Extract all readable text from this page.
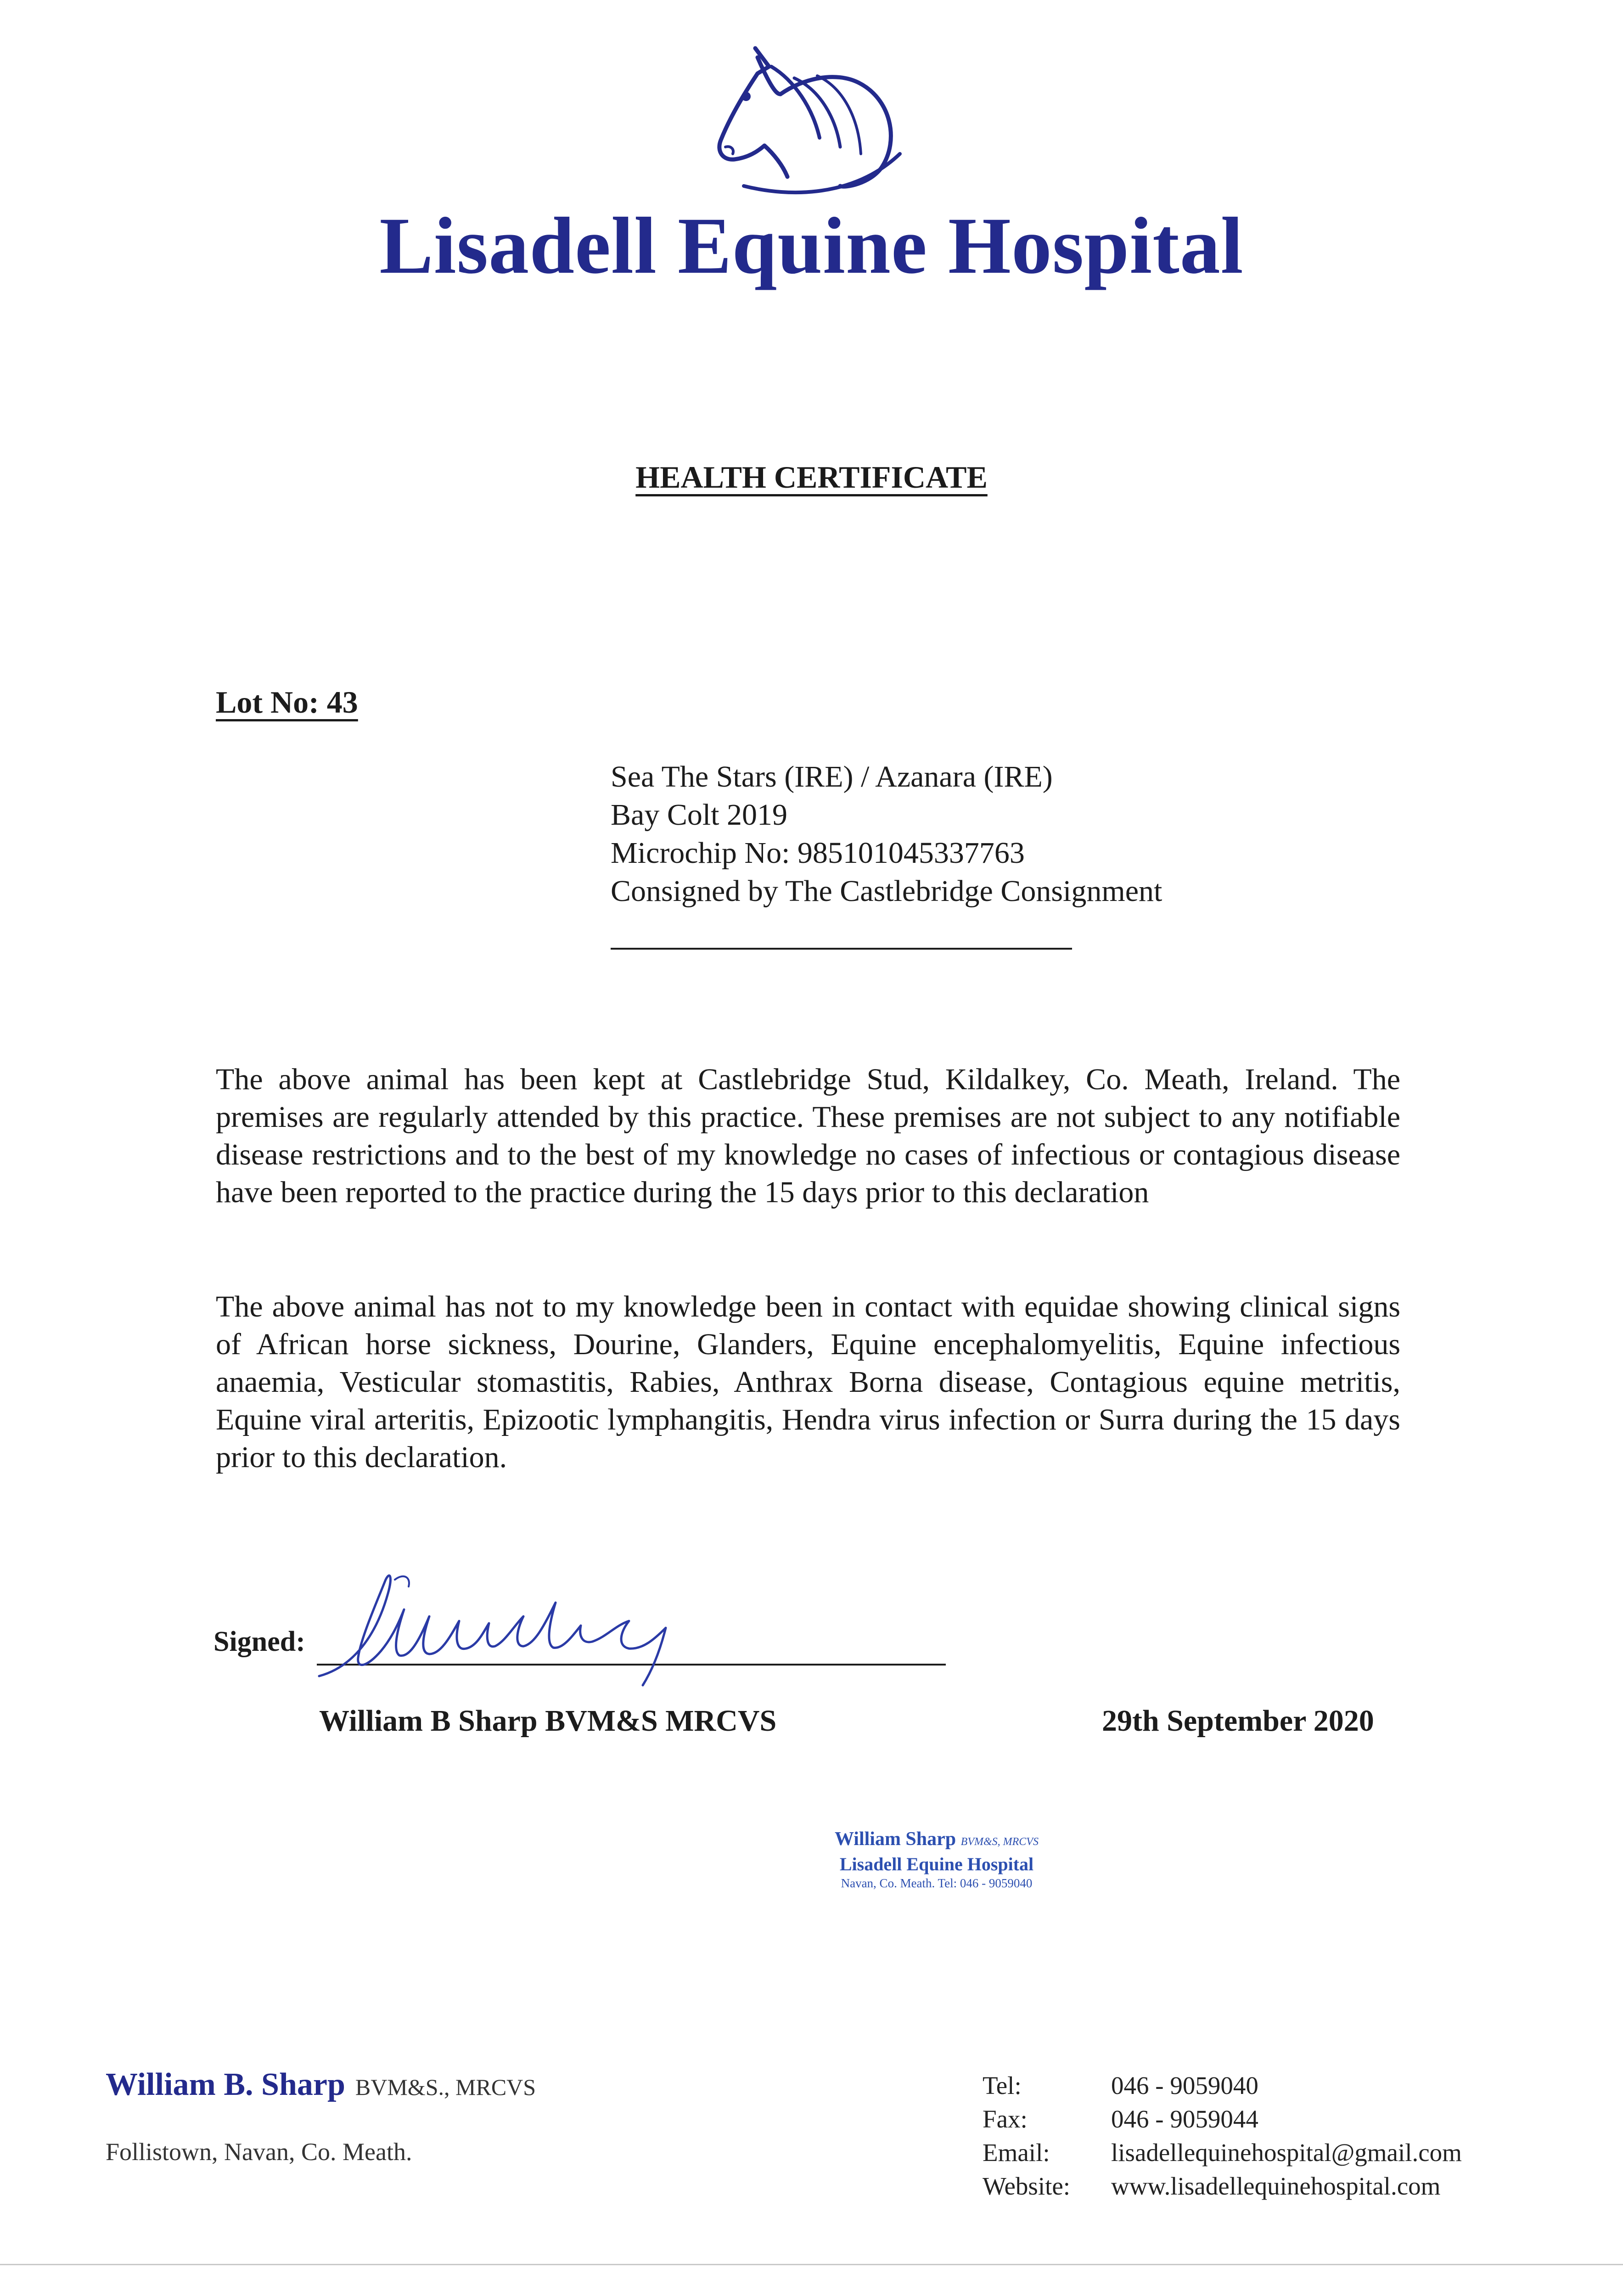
Lisadell Equine Hospital
HEALTH CERTIFICATE
Lot No: 43
Sea The Stars (IRE) / Azanara (IRE)
Bay Colt 2019
Microchip No: 985101045337763
Consigned by The Castlebridge Consignment
The above animal has been kept at Castlebridge Stud, Kildalkey, Co. Meath, Ireland. The premises are regularly attended by this practice. These premises are not subject to any notifiable disease restrictions and to the best of my knowledge no cases of infectious or contagious disease have been reported to the practice during the 15 days prior to this declaration
The above animal has not to my knowledge been in contact with equidae showing clinical signs of African horse sickness, Dourine, Glanders, Equine encephalomyelitis, Equine infectious anaemia, Vesticular stomastitis, Rabies, Anthrax Borna disease, Contagious equine metritis, Equine viral arteritis, Epizootic lymphangitis, Hendra virus infection or Surra during the 15 days prior to this declaration.
Signed:
William B Sharp BVM&S MRCVS	29th September 2020
William Sharp BVM&S, MRCVS
Lisadell Equine Hospital
Navan, Co. Meath. Tel: 046 - 9059040
William B. Sharp BVM&S., MRCVS
Follistown, Navan, Co. Meath.
Tel:	046 - 9059040
Fax:	046 - 9059044
Email:	lisadellequinehospital@gmail.com
Website:	www.lisadellequinehospital.com
